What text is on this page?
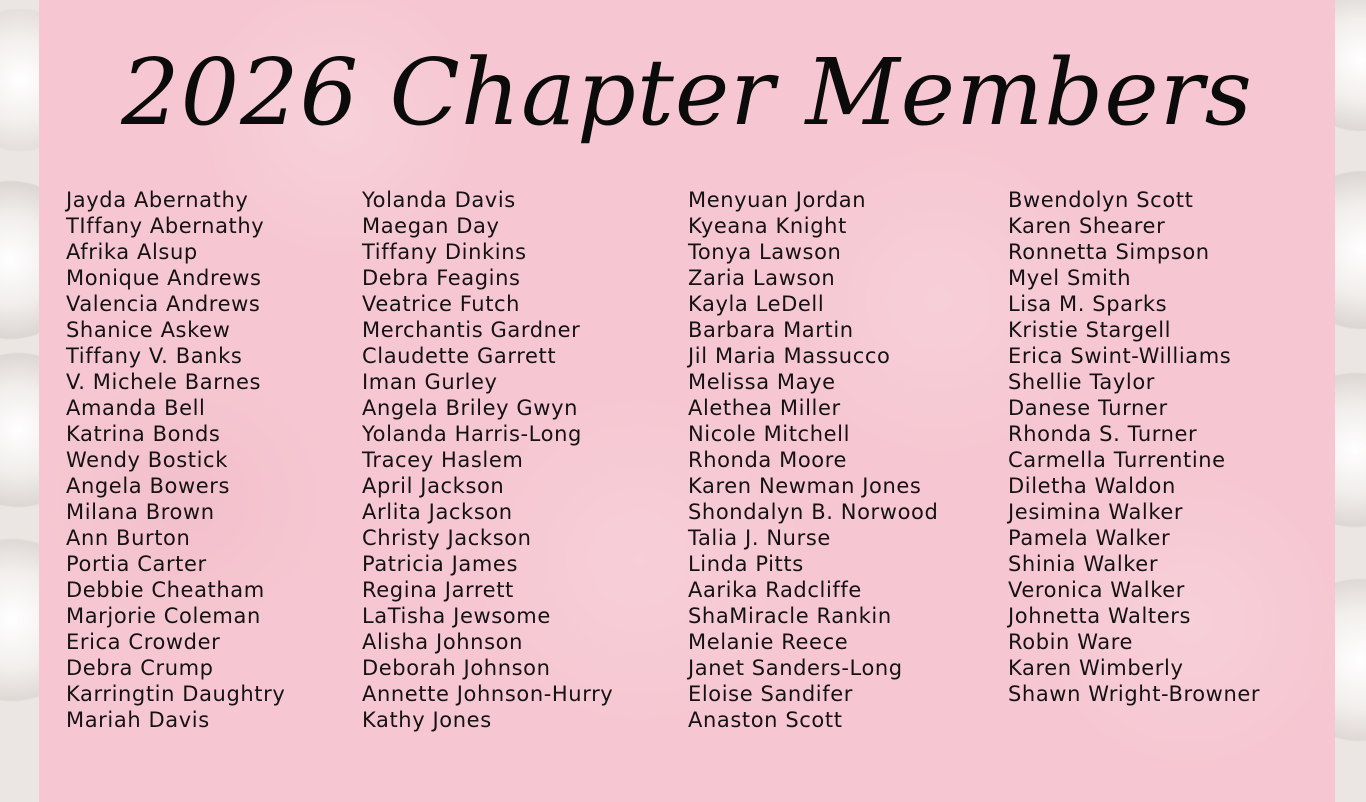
2026 Chapter Members
Jayda Abernathy
TIffany Abernathy
Afrika Alsup
Monique Andrews
Valencia Andrews
Shanice Askew
Tiffany V. Banks
V. Michele Barnes
Amanda Bell
Katrina Bonds
Wendy Bostick
Angela Bowers
Milana Brown
Ann Burton
Portia Carter
Debbie Cheatham
Marjorie Coleman
Erica Crowder
Debra Crump
Karringtin Daughtry
Mariah Davis
Yolanda Davis
Maegan Day
Tiffany Dinkins
Debra Feagins
Veatrice Futch
Merchantis Gardner
Claudette Garrett
Iman Gurley
Angela Briley Gwyn
Yolanda Harris-Long
Tracey Haslem
April Jackson
Arlita Jackson
Christy Jackson
Patricia James
Regina Jarrett
LaTisha Jewsome
Alisha Johnson
Deborah Johnson
Annette Johnson-Hurry
Kathy Jones
Menyuan Jordan
Kyeana Knight
Tonya Lawson
Zaria Lawson
Kayla LeDell
Barbara Martin
Jil Maria Massucco
Melissa Maye
Alethea Miller
Nicole Mitchell
Rhonda Moore
Karen Newman Jones
Shondalyn B. Norwood
Talia J. Nurse
Linda Pitts
Aarika Radcliffe
ShaMiracle Rankin
Melanie Reece
Janet Sanders-Long
Eloise Sandifer
Anaston Scott
Bwendolyn Scott
Karen Shearer
Ronnetta Simpson
Myel Smith
Lisa M. Sparks
Kristie Stargell
Erica Swint-Williams
Shellie Taylor
Danese Turner
Rhonda S. Turner
Carmella Turrentine
Diletha Waldon
Jesimina Walker
Pamela Walker
Shinia Walker
Veronica Walker
Johnetta Walters
Robin Ware
Karen Wimberly
Shawn Wright-Browner
